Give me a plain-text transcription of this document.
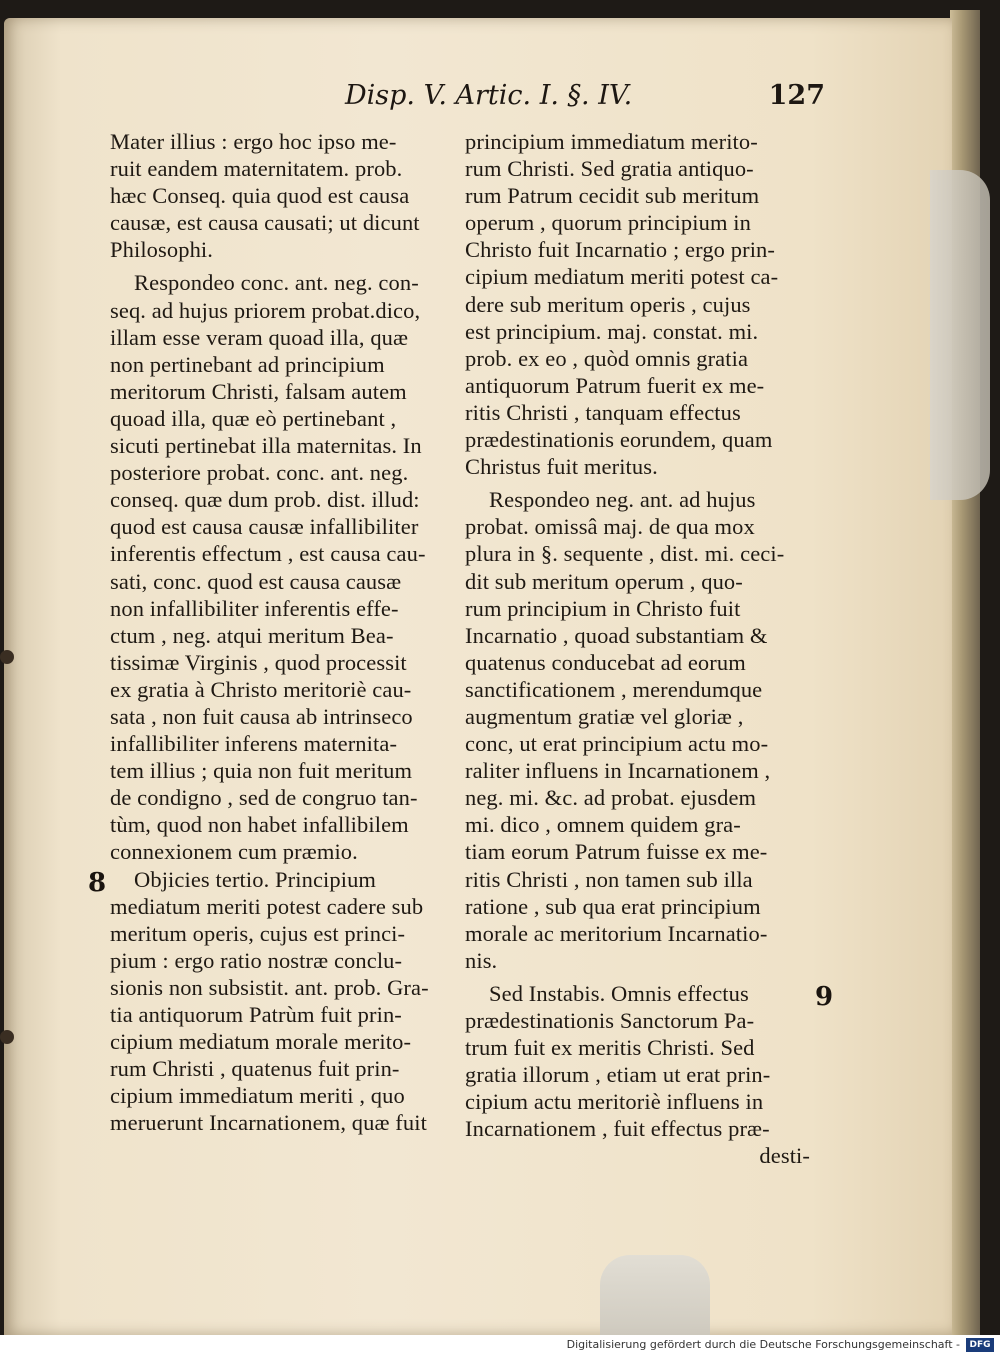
Disp. V. Artic. I. §. IV.	127
Mater illius : ergo hoc ipso me-
ruit eandem maternitatem. prob.
hæc Conseq. quia quod est causa
causæ, est causa causati; ut dicunt
Philosophi.
Respondeo conc. ant. neg. con-
seq. ad hujus priorem probat.dico,
illam esse veram quoad illa, quæ
non pertinebant ad principium
meritorum Christi, falsam autem
quoad illa, quæ eò pertinebant ,
sicuti pertinebat illa maternitas. In
posteriore probat. conc. ant. neg.
conseq. quæ dum prob. dist. illud:
quod est causa causæ infallibiliter
inferentis effectum , est causa cau-
sati, conc. quod est causa causæ
non infallibiliter inferentis effe-
ctum , neg. atqui meritum Bea-
tissimæ Virginis , quod processit
ex gratia à Christo meritoriè cau-
sata , non fuit causa ab intrinseco
infallibiliter inferens maternita-
tem illius ; quia non fuit meritum
de condigno , sed de congruo tan-
tùm, quod non habet infallibilem
connexionem cum præmio.
Objicies tertio. Principium
mediatum meriti potest cadere sub
meritum operis, cujus est princi-
pium : ergo ratio nostræ conclu-
sionis non subsistit. ant. prob. Gra-
tia antiquorum Patrùm fuit prin-
cipium mediatum morale merito-
rum Christi , quatenus fuit prin-
cipium immediatum meriti , quo
meruerunt Incarnationem, quæ fuit
principium immediatum merito-
rum Christi. Sed gratia antiquo-
rum Patrum cecidit sub meritum
operum , quorum principium in
Christo fuit Incarnatio ; ergo prin-
cipium mediatum meriti potest ca-
dere sub meritum operis , cujus
est principium. maj. constat. mi.
prob. ex eo , quòd omnis gratia
antiquorum Patrum fuerit ex me-
ritis Christi , tanquam effectus
prædestinationis eorundem, quam
Christus fuit meritus.
Respondeo neg. ant. ad hujus
probat. omissâ maj. de qua mox
plura in §. sequente , dist. mi. ceci-
dit sub meritum operum , quo-
rum principium in Christo fuit
Incarnatio , quoad substantiam &
quatenus conducebat ad eorum
sanctificationem , merendumque
augmentum gratiæ vel gloriæ ,
conc, ut erat principium actu mo-
raliter influens in Incarnationem ,
neg. mi. &c. ad probat. ejusdem
mi. dico , omnem quidem gra-
tiam eorum Patrum fuisse ex me-
ritis Christi , non tamen sub illa
ratione , sub qua erat principium
morale ac meritorium Incarnatio-
nis.
Sed Instabis. Omnis effectus
prædestinationis Sanctorum Pa-
trum fuit ex meritis Christi. Sed
gratia illorum , etiam ut erat prin-
cipium actu meritoriè influens in
Incarnationem , fuit effectus præ-
desti-
8
9
Digitalisierung gefördert durch die Deutsche Forschungsgemeinschaft -	DFG
